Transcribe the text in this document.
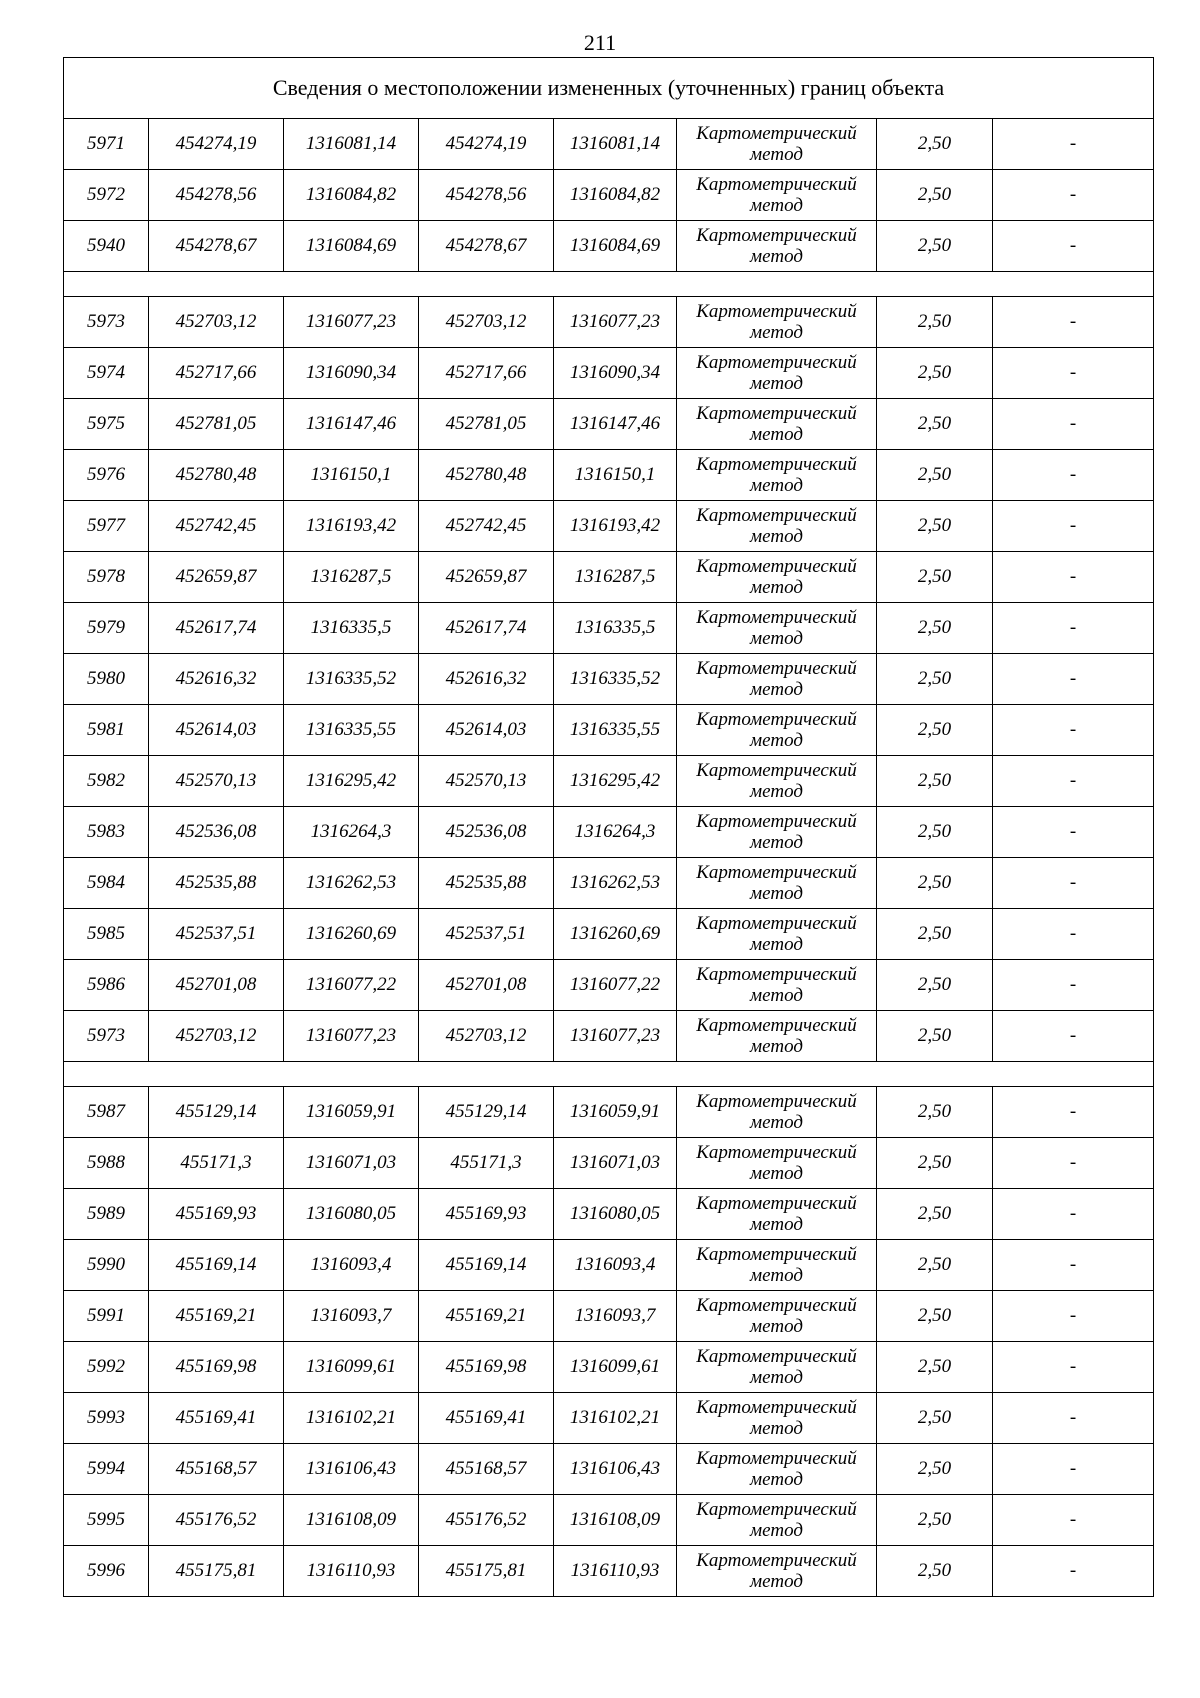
211
Сведения о местоположении измененных (уточненных) границ объекта							
5971	454274,19	1316081,14	454274,19	1316081,14	Картометрический метод	2,50	-
5972	454278,56	1316084,82	454278,56	1316084,82	Картометрический метод	2,50	-
5940	454278,67	1316084,69	454278,67	1316084,69	Картометрический метод	2,50	-

5973	452703,12	1316077,23	452703,12	1316077,23	Картометрический метод	2,50	-
5974	452717,66	1316090,34	452717,66	1316090,34	Картометрический метод	2,50	-
5975	452781,05	1316147,46	452781,05	1316147,46	Картометрический метод	2,50	-
5976	452780,48	1316150,1	452780,48	1316150,1	Картометрический метод	2,50	-
5977	452742,45	1316193,42	452742,45	1316193,42	Картометрический метод	2,50	-
5978	452659,87	1316287,5	452659,87	1316287,5	Картометрический метод	2,50	-
5979	452617,74	1316335,5	452617,74	1316335,5	Картометрический метод	2,50	-
5980	452616,32	1316335,52	452616,32	1316335,52	Картометрический метод	2,50	-
5981	452614,03	1316335,55	452614,03	1316335,55	Картометрический метод	2,50	-
5982	452570,13	1316295,42	452570,13	1316295,42	Картометрический метод	2,50	-
5983	452536,08	1316264,3	452536,08	1316264,3	Картометрический метод	2,50	-
5984	452535,88	1316262,53	452535,88	1316262,53	Картометрический метод	2,50	-
5985	452537,51	1316260,69	452537,51	1316260,69	Картометрический метод	2,50	-
5986	452701,08	1316077,22	452701,08	1316077,22	Картометрический метод	2,50	-
5973	452703,12	1316077,23	452703,12	1316077,23	Картометрический метод	2,50	-

5987	455129,14	1316059,91	455129,14	1316059,91	Картометрический метод	2,50	-
5988	455171,3	1316071,03	455171,3	1316071,03	Картометрический метод	2,50	-
5989	455169,93	1316080,05	455169,93	1316080,05	Картометрический метод	2,50	-
5990	455169,14	1316093,4	455169,14	1316093,4	Картометрический метод	2,50	-
5991	455169,21	1316093,7	455169,21	1316093,7	Картометрический метод	2,50	-
5992	455169,98	1316099,61	455169,98	1316099,61	Картометрический метод	2,50	-
5993	455169,41	1316102,21	455169,41	1316102,21	Картометрический метод	2,50	-
5994	455168,57	1316106,43	455168,57	1316106,43	Картометрический метод	2,50	-
5995	455176,52	1316108,09	455176,52	1316108,09	Картометрический метод	2,50	-
5996	455175,81	1316110,93	455175,81	1316110,93	Картометрический метод	2,50	-
